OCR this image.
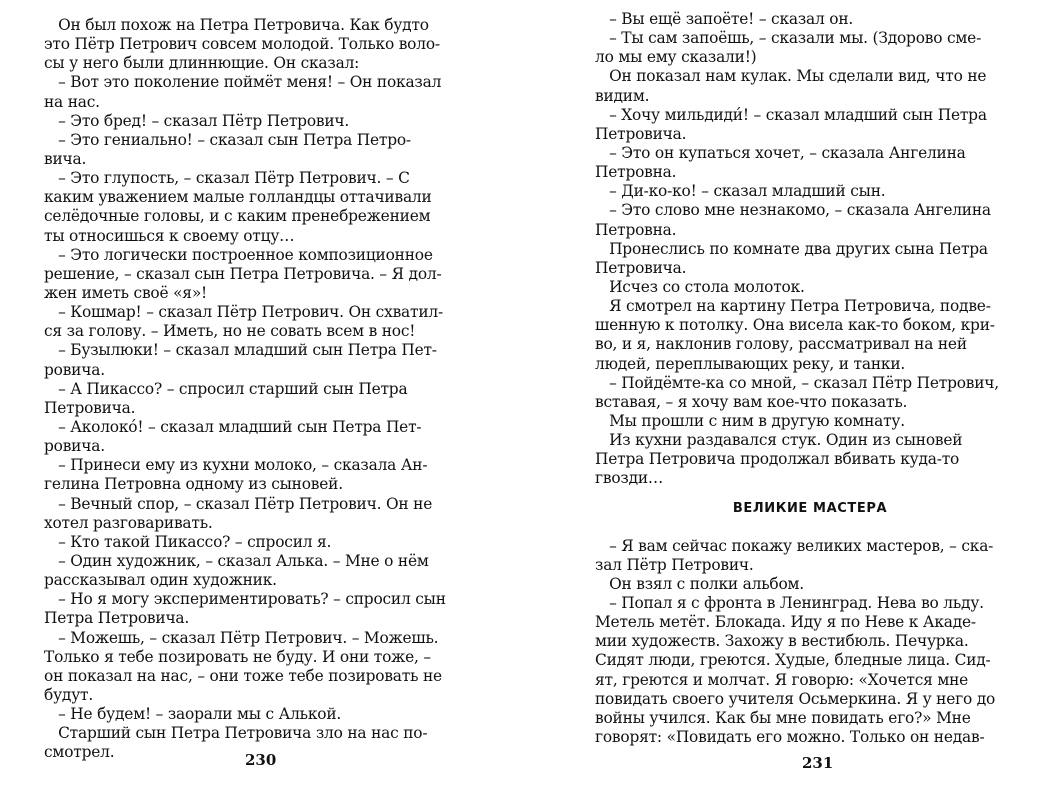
Он был похож на Петра Петровича. Как будто
это Пётр Петрович совсем молодой. Только воло-
сы у него были длиннющие. Он сказал:
– Вот это поколение поймёт меня! – Он показал
на нас.
– Это бред! – сказал Пётр Петрович.
– Это гениально! – сказал сын Петра Петро-
вича.
– Это глупость, – сказал Пётр Петрович. – С
каким уважением малые голландцы оттачивали
селёдочные головы, и с каким пренебрежением
ты относишься к своему отцу…
– Это логически построенное композиционное
решение, – сказал сын Петра Петровича. – Я дол-
жен иметь своё «я»!
– Кошмар! – сказал Пётр Петрович. Он схватил-
ся за голову. – Иметь, но не совать всем в нос!
– Бузылюки! – сказал младший сын Петра Пет-
ровича.
– А Пикассо? – спросил старший сын Петра
Петровича.
– Аколоко́! – сказал младший сын Петра Пет-
ровича.
– Принеси ему из кухни молоко, – сказала Ан-
гелина Петровна одному из сыновей.
– Вечный спор, – сказал Пётр Петрович. Он не
хотел разговаривать.
– Кто такой Пикассо? – спросил я.
– Один художник, – сказал Алька. – Мне о нём
рассказывал один художник.
– Но я могу экспериментировать? – спросил сын
Петра Петровича.
– Можешь, – сказал Пётр Петрович. – Можешь.
Только я тебе позировать не буду. И они тоже, –
он показал на нас, – они тоже тебе позировать не
будут.
– Не будем! – заорали мы с Алькой.
Старший сын Петра Петровича зло на нас по-
смотрел.	230
– Вы ещё запоёте! – сказал он.
– Ты сам запоёшь, – сказали мы. (Здорово сме-
ло мы ему сказали!)
Он показал нам кулак. Мы сделали вид, что не
видим.
– Хочу мильдиди́! – сказал младший сын Петра
Петровича.
– Это он купаться хочет, – сказала Ангелина
Петровна.
– Ди-ко-ко! – сказал младший сын.
– Это слово мне незнакомо, – сказала Ангелина
Петровна.
Пронеслись по комнате два других сына Петра
Петровича.
Исчез со стола молоток.
Я смотрел на картину Петра Петровича, подве-
шенную к потолку. Она висела как-то боком, кри-
во, и я, наклонив голову, рассматривал на ней
людей, переплывающих реку, и танки.
– Пойдёмте-ка со мной, – сказал Пётр Петрович,
вставая, – я хочу вам кое-что показать.
Мы прошли с ним в другую комнату.
Из кухни раздавался стук. Один из сыновей
Петра Петровича продолжал вбивать куда-то
гвозди…
ВЕЛИКИЕ МАСТЕРА
– Я вам сейчас покажу великих мастеров, – ска-
зал Пётр Петрович.
Он взял с полки альбом.
– Попал я с фронта в Ленинград. Нева во льду.
Метель метёт. Блокада. Иду я по Неве к Акаде-
мии художеств. Захожу в вестибюль. Печурка.
Сидят люди, греются. Худые, бледные лица. Сид-
ят, греются и молчат. Я говорю: «Хочется мне
повидать своего учителя Осьмеркина. Я у него до
войны учился. Как бы мне повидать его?» Мне
говорят: «Повидать его можно. Только он недав-
231
